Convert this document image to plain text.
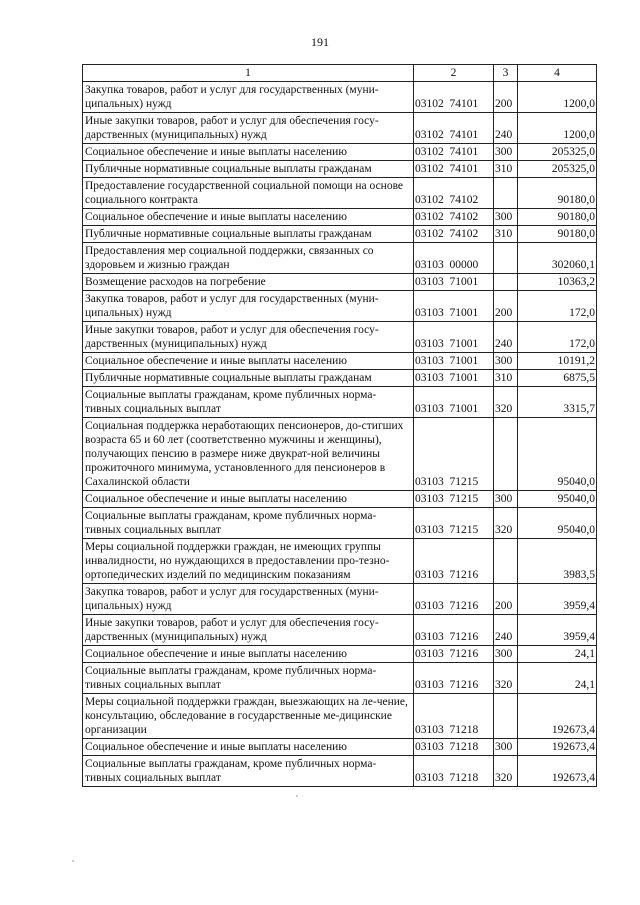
191
1	2	3	4
Закупка товаров, работ и услуг для государственных (муни-ципальных) нужд	03102  74101	200	1200,0
Иные закупки товаров, работ и услуг для обеспечения госу-дарственных (муниципальных) нужд	03102  74101	240	1200,0
Социальное обеспечение и иные выплаты населению	03102  74101	300	205325,0
Публичные нормативные социальные выплаты гражданам	03102  74101	310	205325,0
Предоставление государственной социальной помощи на основе социального контракта	03102  74102		90180,0
Социальное обеспечение и иные выплаты населению	03102  74102	300	90180,0
Публичные нормативные социальные выплаты гражданам	03102  74102	310	90180,0
Предоставления мер социальной поддержки, связанных со здоровьем и жизнью граждан	03103  00000		302060,1
Возмещение расходов на погребение	03103  71001		10363,2
Закупка товаров, работ и услуг для государственных (муни-ципальных) нужд	03103  71001	200	172,0
Иные закупки товаров, работ и услуг для обеспечения госу-дарственных (муниципальных) нужд	03103  71001	240	172,0
Социальное обеспечение и иные выплаты населению	03103  71001	300	10191,2
Публичные нормативные социальные выплаты гражданам	03103  71001	310	6875,5
Социальные выплаты гражданам, кроме публичных норма-тивных социальных выплат	03103  71001	320	3315,7
Социальная поддержка неработающих пенсионеров, до-стигших возраста 65 и 60 лет (соответственно мужчины и женщины), получающих пенсию в размере ниже двукрат-ной величины прожиточного минимума, установленного для пенсионеров в Сахалинской области	03103  71215		95040,0
Социальное обеспечение и иные выплаты населению	03103  71215	300	95040,0
Социальные выплаты гражданам, кроме публичных норма-тивных социальных выплат	03103  71215	320	95040,0
Меры социальной поддержки граждан, не имеющих группы инвалидности, но нуждающихся в предоставлении про-тезно-ортопедических изделий по медицинским показаниям	03103  71216		3983,5
Закупка товаров, работ и услуг для государственных (муни-ципальных) нужд	03103  71216	200	3959,4
Иные закупки товаров, работ и услуг для обеспечения госу-дарственных (муниципальных) нужд	03103  71216	240	3959,4
Социальное обеспечение и иные выплаты населению	03103  71216	300	24,1
Социальные выплаты гражданам, кроме публичных норма-тивных социальных выплат	03103  71216	320	24,1
Меры социальной поддержки граждан, выезжающих на ле-чение, консультацию, обследование в государственные ме-дицинские организации	03103  71218		192673,4
Социальное обеспечение и иные выплаты населению	03103  71218	300	192673,4
Социальные выплаты гражданам, кроме публичных норма-тивных социальных выплат	03103  71218	320	192673,4
